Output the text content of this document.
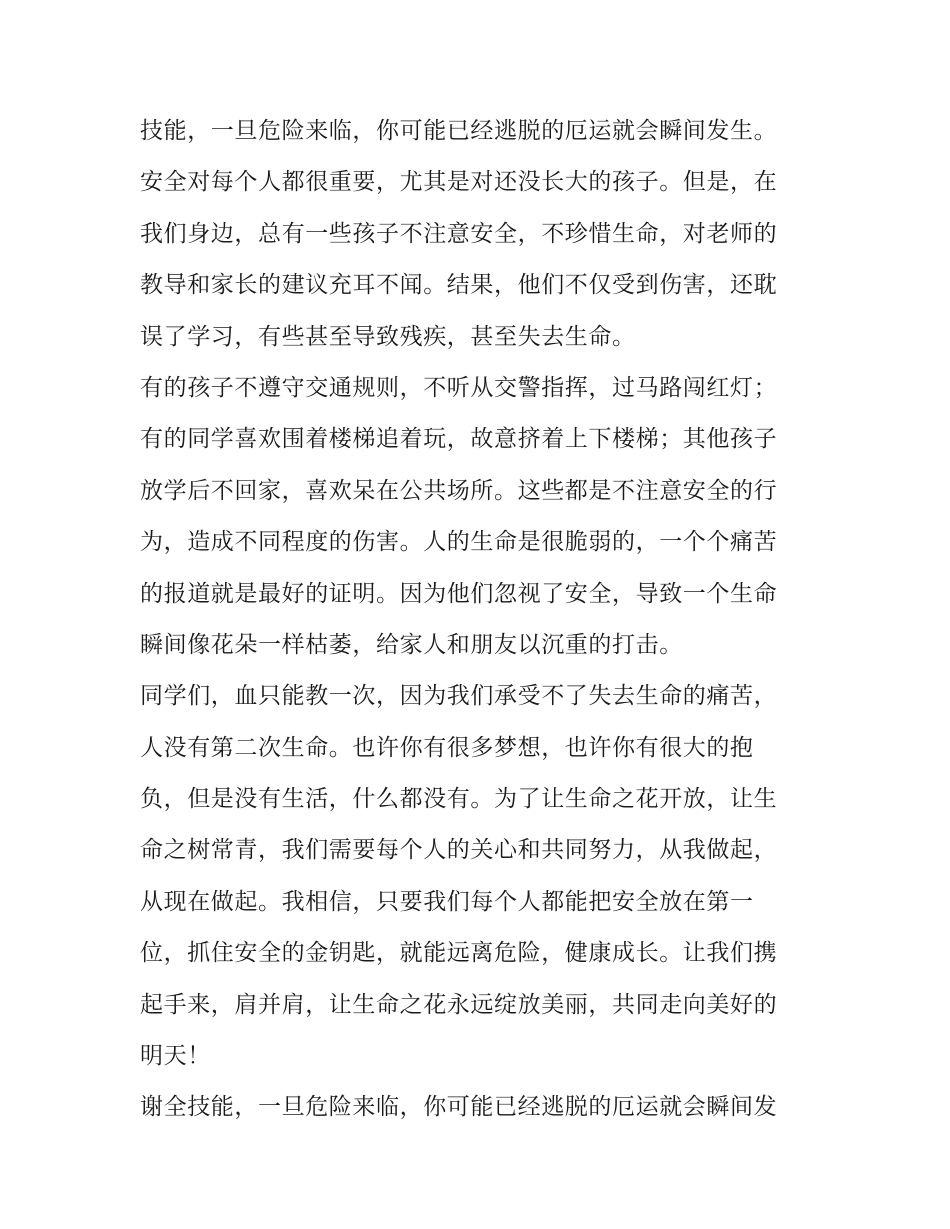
技能，一旦危险来临，你可能已经逃脱的厄运就会瞬间发生。
安全对每个人都很重要，尤其是对还没长大的孩子。但是，在
我们身边，总有一些孩子不注意安全，不珍惜生命，对老师的
教导和家长的建议充耳不闻。结果，他们不仅受到伤害，还耽
误了学习，有些甚至导致残疾，甚至失去生命。
有的孩子不遵守交通规则，不听从交警指挥，过马路闯红灯；
有的同学喜欢围着楼梯追着玩，故意挤着上下楼梯；其他孩子
放学后不回家，喜欢呆在公共场所。这些都是不注意安全的行
为，造成不同程度的伤害。人的生命是很脆弱的，一个个痛苦
的报道就是最好的证明。因为他们忽视了安全，导致一个生命
瞬间像花朵一样枯萎，给家人和朋友以沉重的打击。
同学们，血只能教一次，因为我们承受不了失去生命的痛苦，
人没有第二次生命。也许你有很多梦想，也许你有很大的抱
负，但是没有生活，什么都没有。为了让生命之花开放，让生
命之树常青，我们需要每个人的关心和共同努力，从我做起，
从现在做起。我相信，只要我们每个人都能把安全放在第一
位，抓住安全的金钥匙，就能远离危险，健康成长。让我们携
起手来，肩并肩，让生命之花永远绽放美丽，共同走向美好的
明天！
谢全技能，一旦危险来临，你可能已经逃脱的厄运就会瞬间发
